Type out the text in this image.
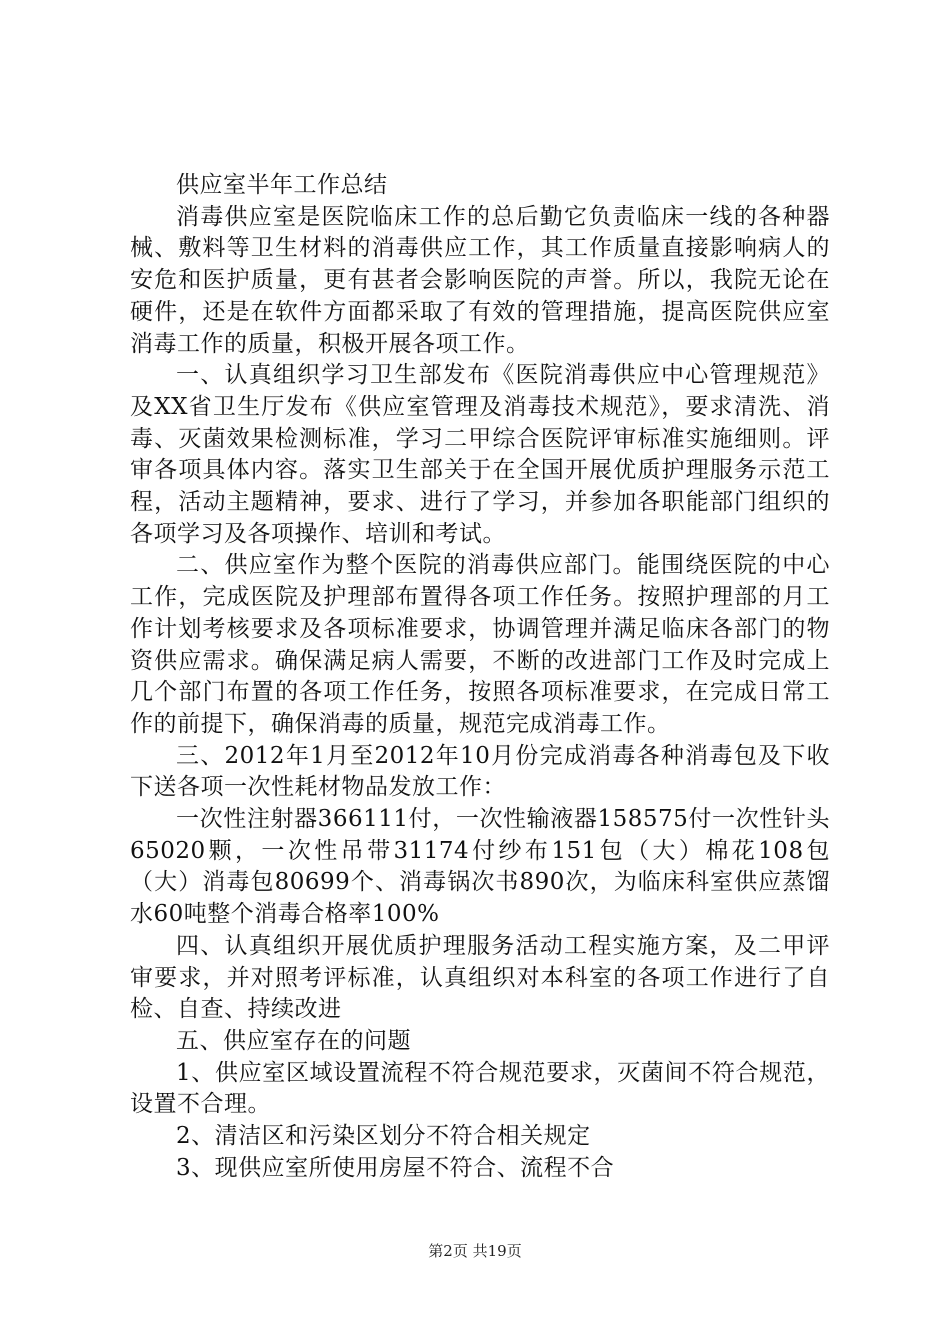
供应室半年工作总结

消毒供应室是医院临床工作的总后勤它负责临床一线的各种器械、敷料等卫生材料的消毒供应工作，其工作质量直接影响病人的安危和医护质量，更有甚者会影响医院的声誉。所以，我院无论在硬件，还是在软件方面都采取了有效的管理措施，提高医院供应室消毒工作的质量，积极开展各项工作。

一、认真组织学习卫生部发布《医院消毒供应中心管理规范》及XX省卫生厅发布《供应室管理及消毒技术规范》，要求清洗、消毒、灭菌效果检测标准，学习二甲综合医院评审标准实施细则。评审各项具体内容。落实卫生部关于在全国开展优质护理服务示范工程，活动主题精神，要求、进行了学习，并参加各职能部门组织的各项学习及各项操作、培训和考试。

二、供应室作为整个医院的消毒供应部门。能围绕医院的中心工作，完成医院及护理部布置得各项工作任务。按照护理部的月工作计划考核要求及各项标准要求，协调管理并满足临床各部门的物资供应需求。确保满足病人需要，不断的改进部门工作及时完成上几个部门布置的各项工作任务，按照各项标准要求，在完成日常工作的前提下，确保消毒的质量，规范完成消毒工作。

三、2012年1月至2012年10月份完成消毒各种消毒包及下收下送各项一次性耗材物品发放工作：

一次性注射器366111付，一次性输液器158575付一次性针头65020颗，一次性吊带31174付纱布151包（大）棉花108包（大）消毒包80699个、消毒锅次书890次，为临床科室供应蒸馏水60吨整个消毒合格率100%

四、认真组织开展优质护理服务活动工程实施方案，及二甲评审要求，并对照考评标准，认真组织对本科室的各项工作进行了自检、自查、持续改进

五、供应室存在的问题

1、供应室区域设置流程不符合规范要求，灭菌间不符合规范，设置不合理。

2、清洁区和污染区划分不符合相关规定

3、现供应室所使用房屋不符合、流程不合

第2页 共19页
